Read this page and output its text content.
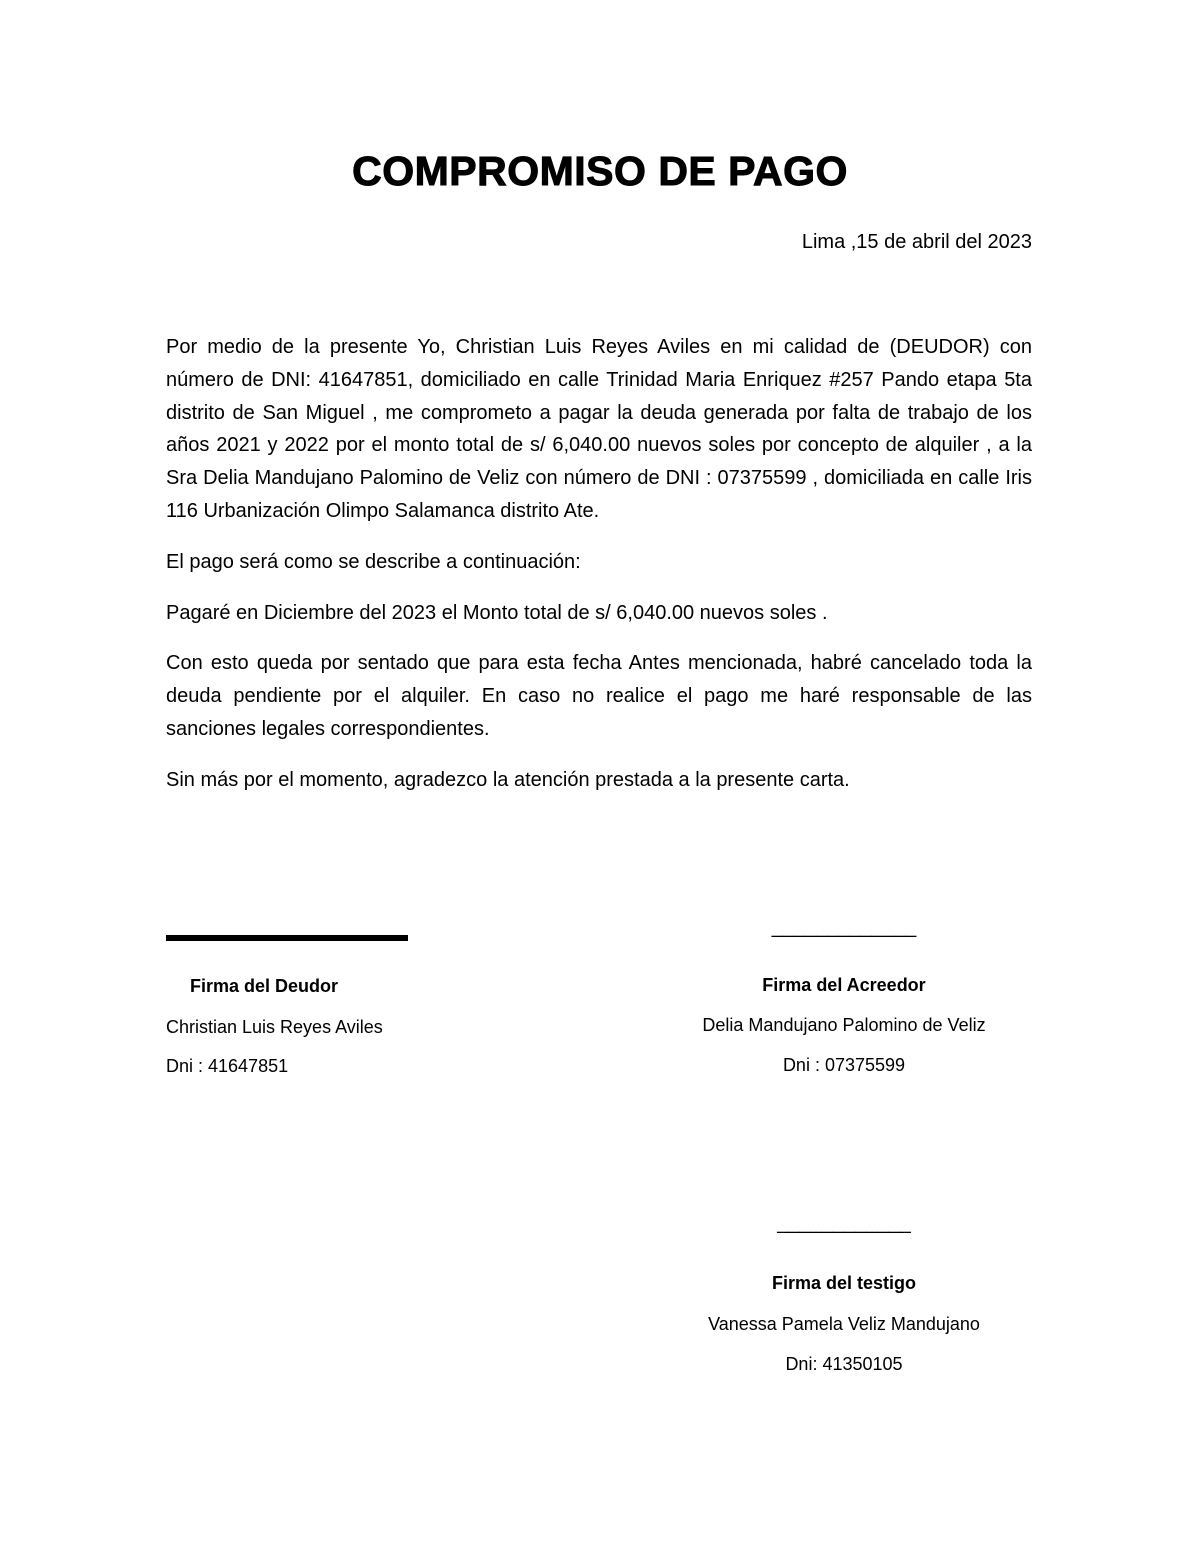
COMPROMISO DE PAGO
Lima ,15 de abril del 2023

Por medio de la presente Yo, Christian Luis Reyes Aviles en mi calidad de (DEUDOR) con número de DNI: 41647851, domiciliado en calle Trinidad Maria Enriquez #257 Pando etapa 5ta distrito de San Miguel , me comprometo a pagar la deuda generada por falta de trabajo de los años 2021 y 2022 por el monto total de s/ 6,040.00 nuevos soles por concepto de alquiler , a la Sra Delia Mandujano Palomino de Veliz con número de DNI : 07375599 , domiciliada en calle Iris 116 Urbanización Olimpo Salamanca distrito Ate.

El pago será como se describe a continuación:

Pagaré en Diciembre del 2023 el Monto total de s/ 6,040.00 nuevos soles .

Con esto queda por sentado que para esta fecha Antes mencionada, habré cancelado toda la deuda pendiente por el alquiler. En caso no realice el pago me haré responsable de las sanciones legales correspondientes.

Sin más por el momento, agradezco la atención prestada a la presente carta.

Firma del Deudor
Christian Luis Reyes Aviles
Dni : 41647851
_____________
Firma del Acreedor
Delia Mandujano Palomino de Veliz
Dni : 07375599
____________
Firma del testigo
Vanessa Pamela Veliz Mandujano
Dni: 41350105
